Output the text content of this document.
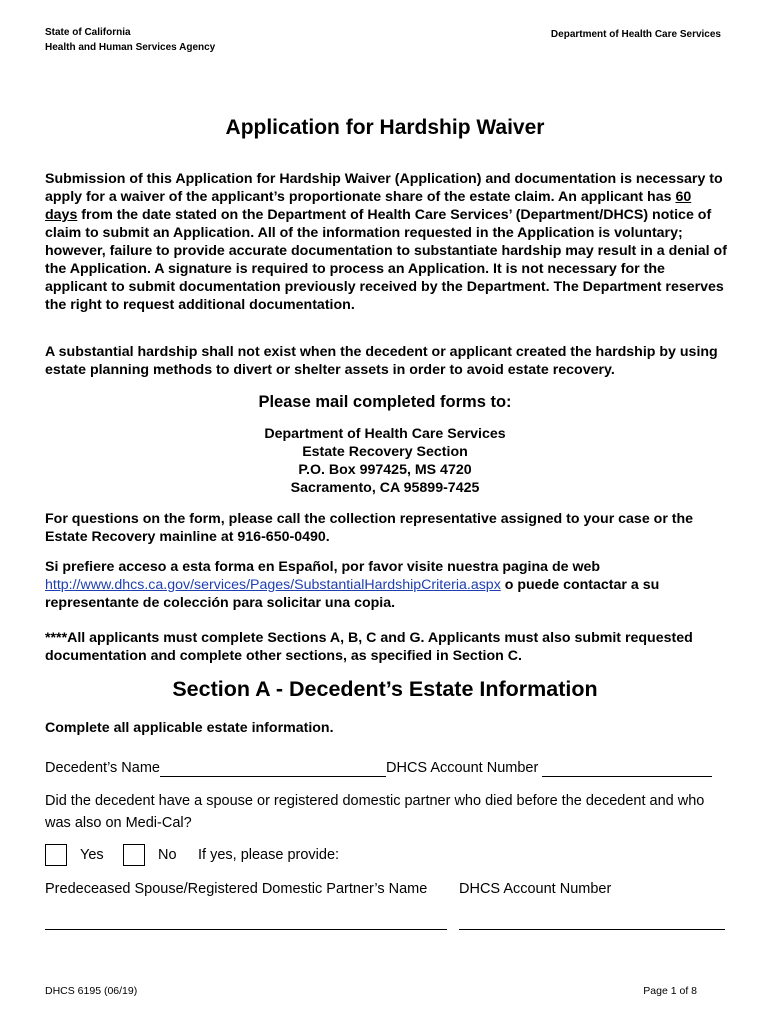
State of California
Health and Human Services Agency
Department of Health Care Services
Application for Hardship Waiver

Submission of this Application for Hardship Waiver (Application) and documentation is necessary to apply for a waiver of the applicant’s proportionate share of the estate claim. An applicant has 60 days from the date stated on the Department of Health Care Services’ (Department/DHCS) notice of claim to submit an Application. All of the information requested in the Application is voluntary; however, failure to provide accurate documentation to substantiate hardship may result in a denial of the Application. A signature is required to process an Application. It is not necessary for the applicant to submit documentation previously received by the Department. The Department reserves the right to request additional documentation.

A substantial hardship shall not exist when the decedent or applicant created the hardship by using estate planning methods to divert or shelter assets in order to avoid estate recovery.
Please mail completed forms to:
Department of Health Care Services
Estate Recovery Section
P.O. Box 997425, MS 4720
Sacramento, CA 95899-7425
For questions on the form, please call the collection representative assigned to your case or the Estate Recovery mainline at 916-650-0490.
Si prefiere acceso a esta forma en Español, por favor visite nuestra pagina de web
http://www.dhcs.ca.gov/services/Pages/SubstantialHardshipCriteria.aspx o puede contactar a su representante de colección para solicitar una copia.
****All applicants must complete Sections A, B, C and G. Applicants must also submit requested documentation and complete other sections, as specified in Section C.
Section A - Decedent’s Estate Information
Complete all applicable estate information.
Decedent’s Name	DHCS Account Number
Did the decedent have a spouse or registered domestic partner who died before the decedent and who was also on Medi-Cal?
Yes	No If yes, please provide:
Predeceased Spouse/Registered Domestic Partner’s Name DHCS Account Number
DHCS 6195 (06/19)	Page 1 of 8
